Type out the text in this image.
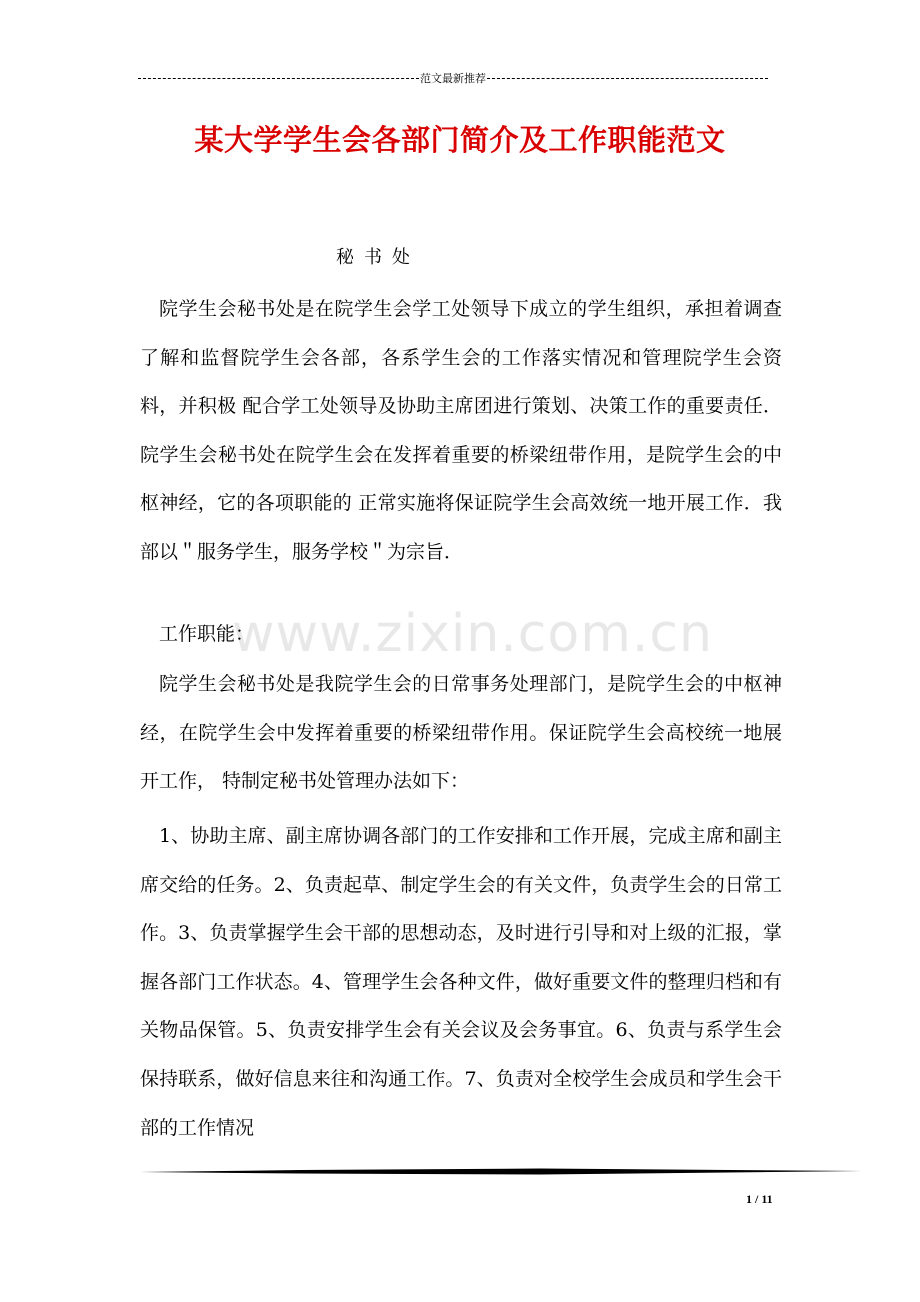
范文最新推荐
某大学学生会各部门简介及工作职能范文
秘书处
www.zixin.com.cn

院学生会秘书处是在院学生会学工处领导下成立的学生组织，承担着调查了解和监督院学生会各部，各系学生会的工作落实情况和管理院学生会资料，并积极 配合学工处领导及协助主席团进行策划、决策工作的重要责任．院学生会秘书处在院学生会在发挥着重要的桥梁纽带作用，是院学生会的中枢神经，它的各项职能的 正常实施将保证院学生会高效统一地开展工作．我部以＂服务学生，服务学校＂为宗旨．

工作职能：

院学生会秘书处是我院学生会的日常事务处理部门，是院学生会的中枢神经，在院学生会中发挥着重要的桥梁纽带作用。保证院学生会高校统一地展开工作， 特制定秘书处管理办法如下：

1、协助主席、副主席协调各部门的工作安排和工作开展，完成主席和副主席交给的任务。2、负责起草、制定学生会的有关文件，负责学生会的日常工作。3、负责掌握学生会干部的思想动态，及时进行引导和对上级的汇报，掌握各部门工作状态。4、管理学生会各种文件，做好重要文件的整理归档和有关物品保管。5、负责安排学生会有关会议及会务事宜。6、负责与系学生会保持联系，做好信息来往和沟通工作。7、负责对全校学生会成员和学生会干部的工作情况

1 / 11
